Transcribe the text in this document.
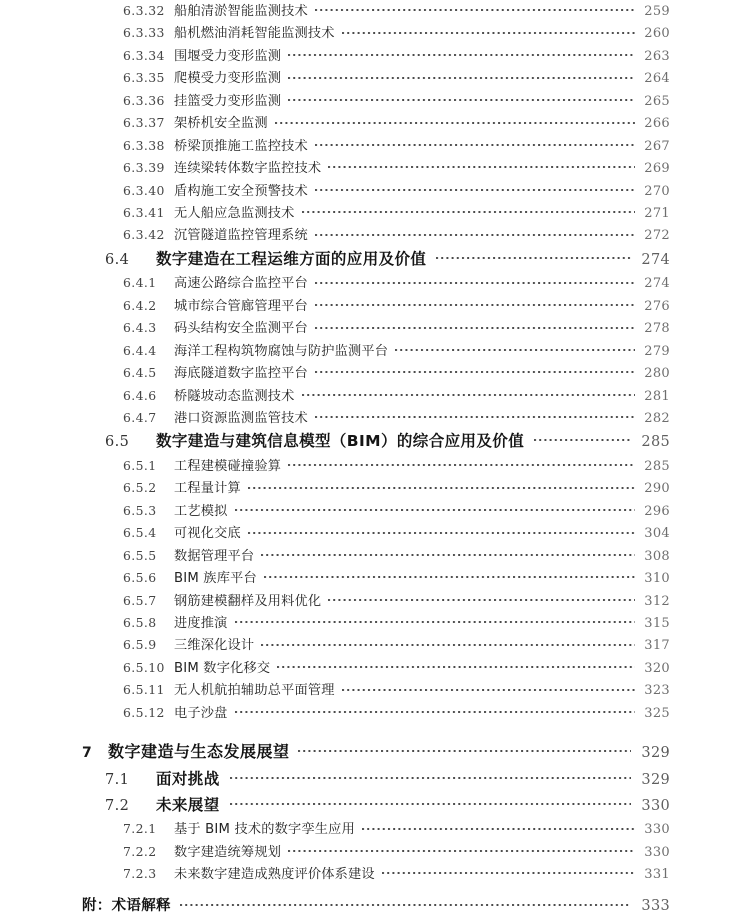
6.3.32 船舶清淤智能监测技术	259
6.3.33 船机燃油消耗智能监测技术	260
6.3.34 围堰受力变形监测	263
6.3.35 爬模受力变形监测	264
6.3.36 挂篮受力变形监测	265
6.3.37 架桥机安全监测	266
6.3.38 桥梁顶推施工监控技术	267
6.3.39 连续梁转体数字监控技术	269
6.3.40 盾构施工安全预警技术	270
6.3.41 无人船应急监测技术	271
6.3.42 沉管隧道监控管理系统	272
6.4	数字建造在工程运维方面的应用及价值	274
6.4.1	高速公路综合监控平台	274
6.4.2	城市综合管廊管理平台	276
6.4.3	码头结构安全监测平台	278
6.4.4	海洋工程构筑物腐蚀与防护监测平台	279
6.4.5	海底隧道数字监控平台	280
6.4.6	桥隧坡动态监测技术	281
6.4.7	港口资源监测监管技术	282
6.5	数字建造与建筑信息模型（BIM）的综合应用及价值	285
6.5.1	工程建模碰撞验算	285
6.5.2	工程量计算	290
6.5.3	工艺模拟	296
6.5.4	可视化交底	304
6.5.5	数据管理平台	308
6.5.6	BIM 族库平台	310
6.5.7	钢筋建模翻样及用料优化	312
6.5.8	进度推演	315
6.5.9	三维深化设计	317
6.5.10 BIM 数字化移交	320
6.5.11 无人机航拍辅助总平面管理	323
6.5.12 电子沙盘	325
7 数字建造与生态发展展望	329
7.1	面对挑战	329
7.2	未来展望	330
7.2.1	基于 BIM 技术的数字孪生应用	330
7.2.2	数字建造统筹规划	330
7.2.3	未来数字建造成熟度评价体系建设	331
附：术语解释	333
